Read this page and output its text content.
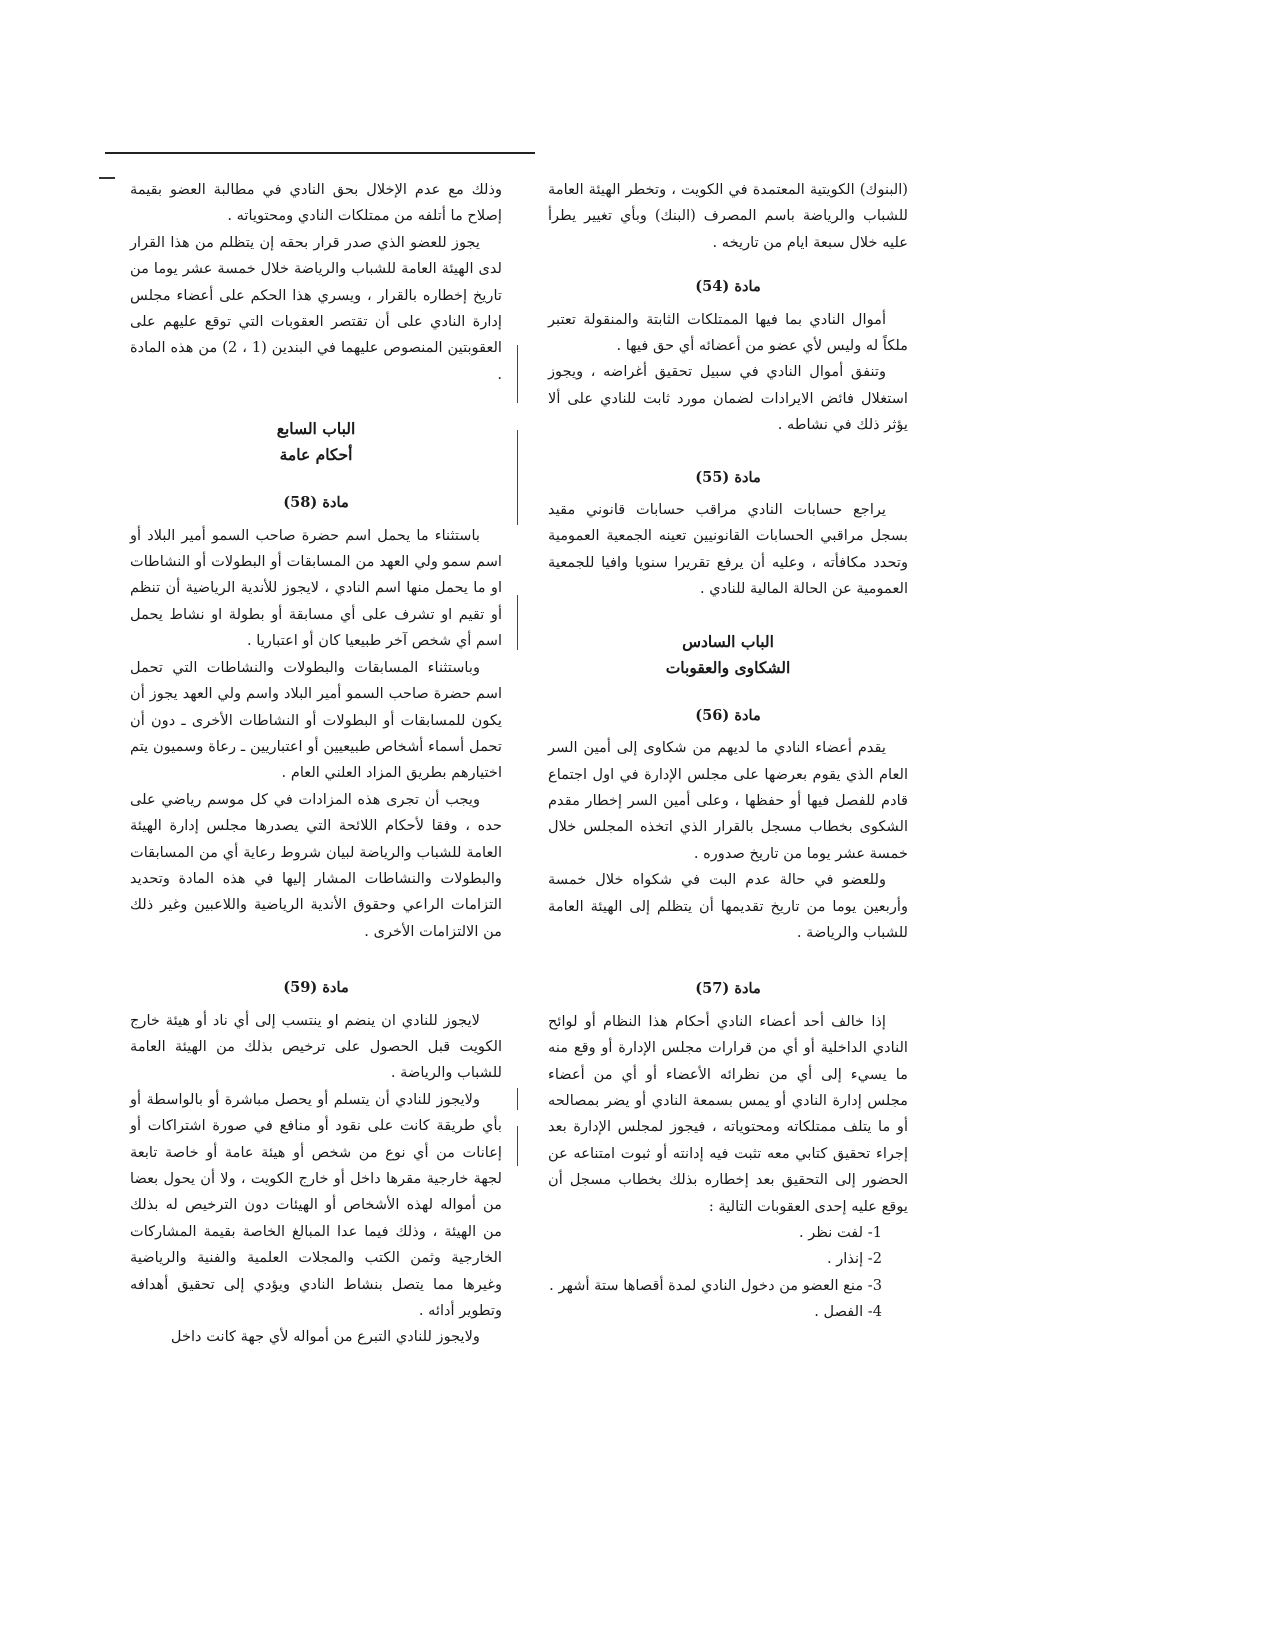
(البنوك) الكويتية المعتمدة في الكويت ، وتخطر الهيئة العامة للشباب والرياضة باسم المصرف (البنك) وبأي تغيير يطرأ عليه خلال سبعة ايام من تاريخه .

مادة (54)

أموال النادي بما فيها الممتلكات الثابتة والمنقولة تعتبر ملكاً له وليس لأي عضو من أعضائه أي حق فيها .

وتنفق أموال النادي في سبيل تحقيق أغراضه ، ويجوز استغلال فائض الايرادات لضمان مورد ثابت للنادي على ألا يؤثر ذلك في نشاطه .

مادة (55)

يراجع حسابات النادي مراقب حسابات قانوني مقيد بسجل مراقبي الحسابات القانونيين تعينه الجمعية العمومية وتحدد مكافأته ، وعليه أن يرفع تقريرا سنويا وافيا للجمعية العمومية عن الحالة المالية للنادي .

الباب السادس
الشكاوى والعقوبات

مادة (56)

يقدم أعضاء النادي ما لديهم من شكاوى إلى أمين السر العام الذي يقوم بعرضها على مجلس الإدارة في اول اجتماع قادم للفصل فيها أو حفظها ، وعلى أمين السر إخطار مقدم الشكوى بخطاب مسجل بالقرار الذي اتخذه المجلس خلال خمسة عشر يوما من تاريخ صدوره .

وللعضو في حالة عدم البت في شكواه خلال خمسة وأربعين يوما من تاريخ تقديمها أن يتظلم إلى الهيئة العامة للشباب والرياضة .

مادة (57)

إذا خالف أحد أعضاء النادي أحكام هذا النظام أو لوائح النادي الداخلية أو أي من قرارات مجلس الإدارة أو وقع منه ما يسيء إلى أي من نظرائه الأعضاء أو أي من أعضاء مجلس إدارة النادي أو يمس بسمعة النادي أو يضر بمصالحه أو ما يتلف ممتلكاته ومحتوياته ، فيجوز لمجلس الإدارة بعد إجراء تحقيق كتابي معه تثبت فيه إدانته أو ثبوت امتناعه عن الحضور إلى التحقيق بعد إخطاره بذلك بخطاب مسجل أن يوقع عليه إحدى العقوبات التالية :

1- لفت نظر .
2- إنذار .
3- منع العضو من دخول النادي لمدة أقصاها ستة أشهر .
4- الفصل .

وذلك مع عدم الإخلال بحق النادي في مطالبة العضو بقيمة إصلاح ما أتلفه من ممتلكات النادي ومحتوياته .

يجوز للعضو الذي صدر قرار بحقه إن يتظلم من هذا القرار لدى الهيئة العامة للشباب والرياضة خلال خمسة عشر يوما من تاريخ إخطاره بالقرار ، ويسري هذا الحكم على أعضاء مجلس إدارة النادي على أن تقتصر العقوبات التي توقع عليهم على العقوبتين المنصوص عليهما في البندين (1 ، 2) من هذه المادة .

الباب السابع
أحكام عامة

مادة (58)

باستثناء ما يحمل اسم حضرة صاحب السمو أمير البلاد أو اسم سمو ولي العهد من المسابقات أو البطولات أو النشاطات او ما يحمل منها اسم النادي ، لايجوز للأندية الرياضية أن تنظم أو تقيم او تشرف على أي مسابقة أو بطولة او نشاط يحمل اسم أي شخص آخر طبيعيا كان أو اعتباريا .

وباستثناء المسابقات والبطولات والنشاطات التي تحمل اسم حضرة صاحب السمو أمير البلاد واسم ولي العهد يجوز أن يكون للمسابقات أو البطولات أو النشاطات الأخرى ـ دون أن تحمل أسماء أشخاص طبيعيين أو اعتباريين ـ رعاة وسميون يتم اختيارهم بطريق المزاد العلني العام .

ويجب أن تجرى هذه المزادات في كل موسم رياضي على حده ، وفقا لأحكام اللائحة التي يصدرها مجلس إدارة الهيئة العامة للشباب والرياضة لبيان شروط رعاية أي من المسابقات والبطولات والنشاطات المشار إليها في هذه المادة وتحديد التزامات الراعي وحقوق الأندية الرياضية واللاعبين وغير ذلك من الالتزامات الأخرى .

مادة (59)

لايجوز للنادي ان ينضم او ينتسب إلى أي ناد أو هيئة خارج الكويت قبل الحصول على ترخيص بذلك من الهيئة العامة للشباب والرياضة .

ولايجوز للنادي أن يتسلم أو يحصل مباشرة أو بالواسطة أو بأي طريقة كانت على نقود أو منافع في صورة اشتراكات أو إعانات من أي نوع من شخص أو هيئة عامة أو خاصة تابعة لجهة خارجية مقرها داخل أو خارج الكويت ، ولا أن يحول بعضا من أمواله لهذه الأشخاص أو الهيئات دون الترخيص له بذلك من الهيئة ، وذلك فيما عدا المبالغ الخاصة بقيمة المشاركات الخارجية وثمن الكتب والمجلات العلمية والفنية والرياضية وغيرها مما يتصل بنشاط النادي ويؤدي إلى تحقيق أهدافه وتطوير أدائه .

ولايجوز للنادي التبرع من أمواله لأي جهة كانت داخل
